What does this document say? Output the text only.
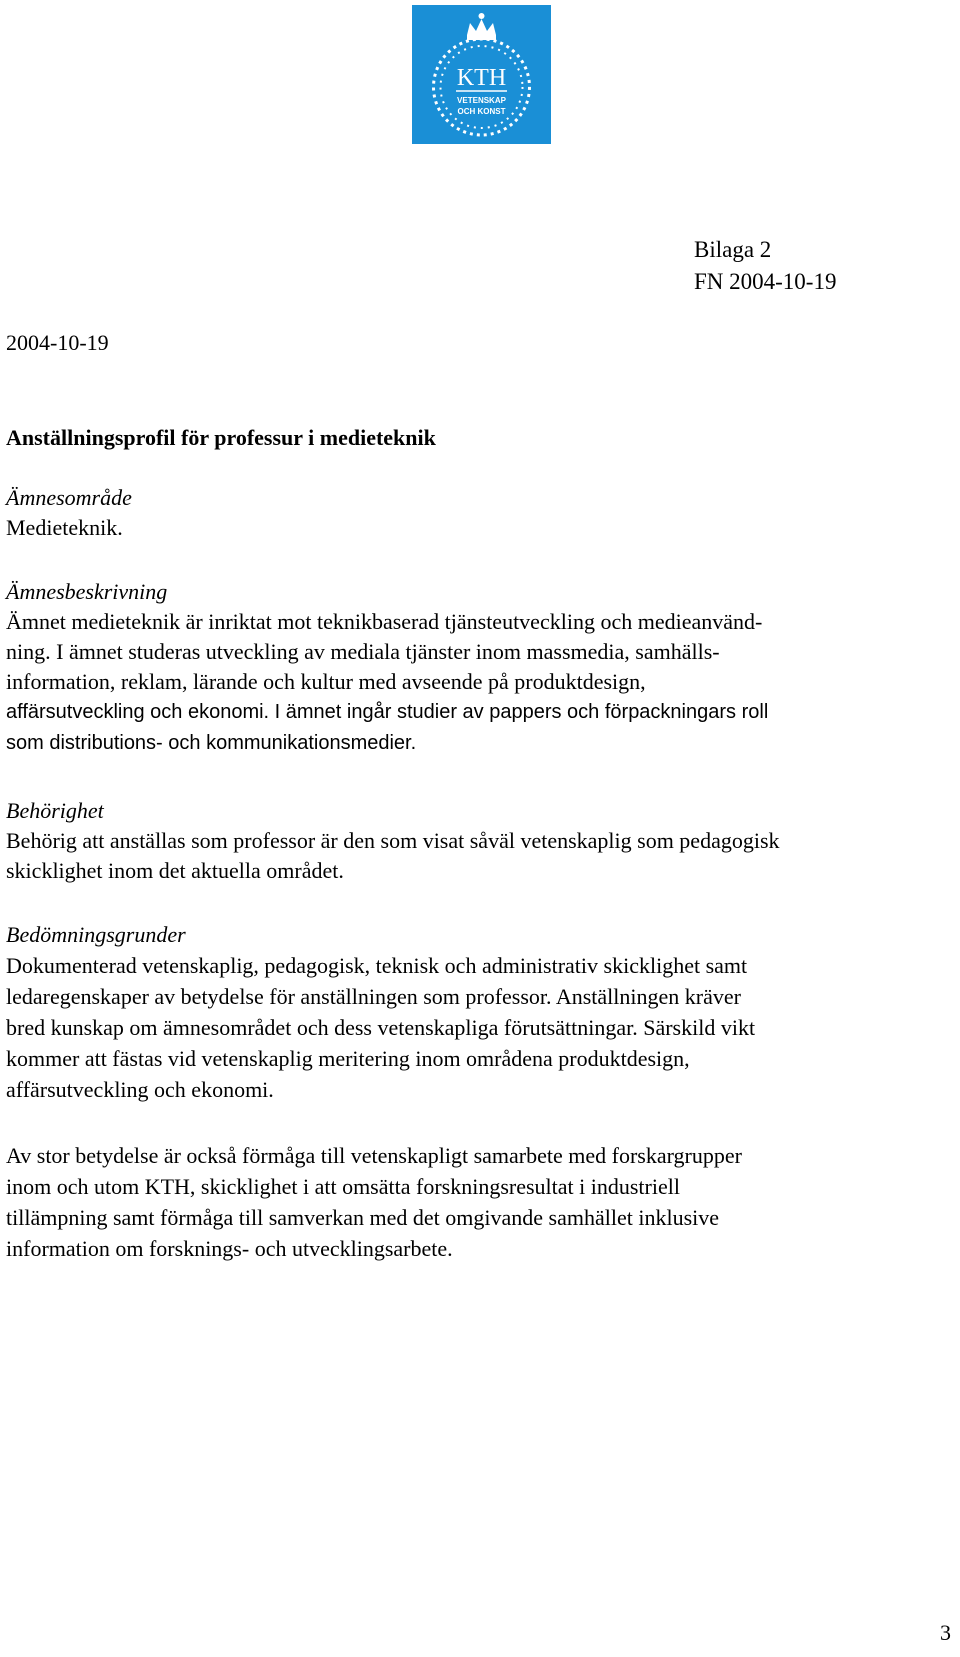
KTH
VETENSKAP
OCH KONST
Bilaga 2
FN 2004-10-19
2004-10-19
Anställningsprofil för professur i medieteknik
Ämnesområde
Medieteknik.
Ämnesbeskrivning
Ämnet medieteknik är inriktat mot teknikbaserad tjänsteutveckling och medieanvänd-
ning. I ämnet studeras utveckling av mediala tjänster inom massmedia, samhälls-
information, reklam, lärande och kultur med avseende på produktdesign,
affärsutveckling och ekonomi. I ämnet ingår studier av pappers och förpackningars roll
som distributions- och kommunikationsmedier.
Behörighet
Behörig att anställas som professor är den som visat såväl vetenskaplig som pedagogisk
skicklighet inom det aktuella området.
Bedömningsgrunder
Dokumenterad vetenskaplig, pedagogisk, teknisk och administrativ skicklighet samt
ledaregenskaper av betydelse för anställningen som professor. Anställningen kräver
bred kunskap om ämnesområdet och dess vetenskapliga förutsättningar. Särskild vikt
kommer att fästas vid vetenskaplig meritering inom områdena produktdesign,
affärsutveckling och ekonomi.
Av stor betydelse är också förmåga till vetenskapligt samarbete med forskargrupper
inom och utom KTH, skicklighet i att omsätta forskningsresultat i industriell
tillämpning samt förmåga till samverkan med det omgivande samhället inklusive
information om forsknings- och utvecklingsarbete.
3
